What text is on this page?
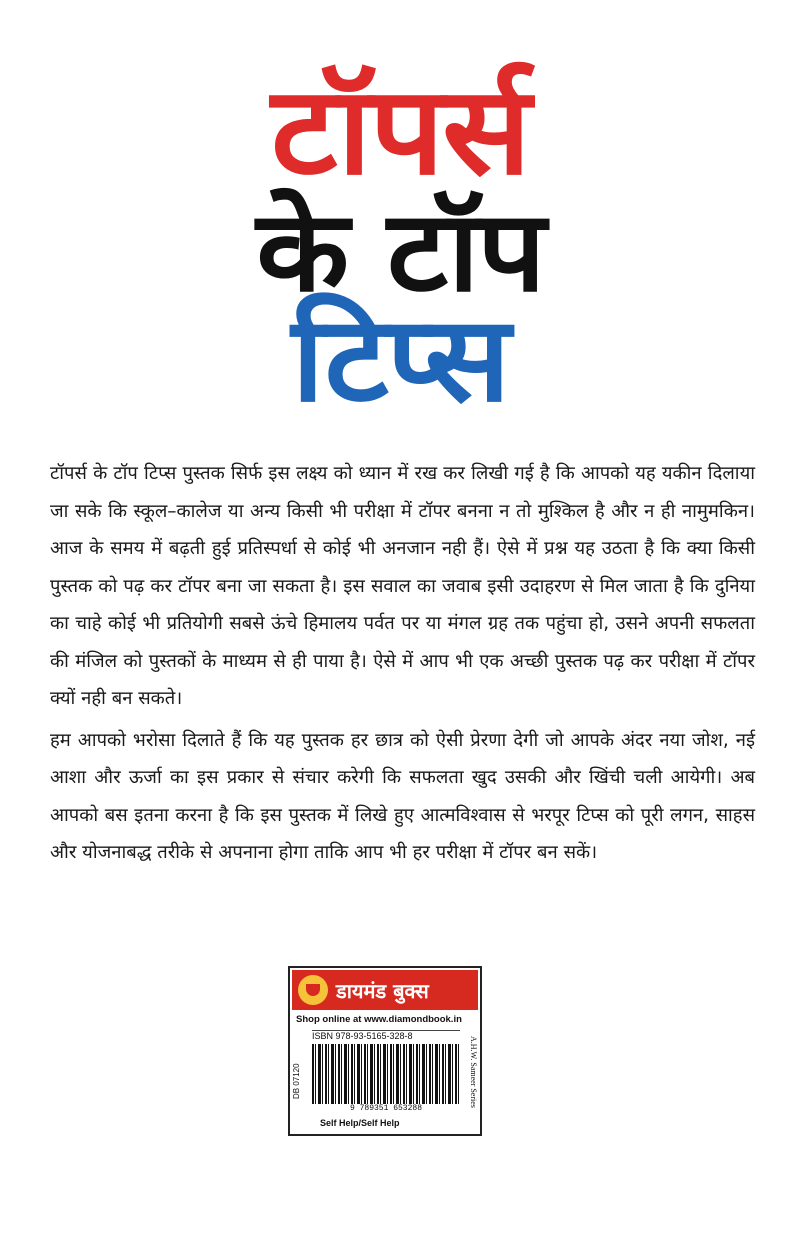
टॉपर्स
के टॉप
टिप्स

टॉपर्स के टॉप टिप्स पुस्तक सिर्फ इस लक्ष्य को ध्यान में रख कर लिखी गई है कि आपको यह यकीन दिलाया जा सके कि स्कूल–कालेज या अन्य किसी भी परीक्षा में टॉपर बनना न तो मुश्किल है और न ही नामुमकिन। आज के समय में बढ़ती हुई प्रतिस्पर्धा से कोई भी अनजान नही हैं। ऐसे में प्रश्न यह उठता है कि क्या किसी पुस्तक को पढ़ कर टॉपर बना जा सकता है। इस सवाल का जवाब इसी उदाहरण से मिल जाता है कि दुनिया का चाहे कोई भी प्रतियोगी सबसे ऊंचे हिमालय पर्वत पर या मंगल ग्रह तक पहुंचा हो, उसने अपनी सफलता की मंजिल को पुस्तकों के माध्यम से ही पाया है। ऐसे में आप भी एक अच्छी पुस्तक पढ़ कर परीक्षा में टॉपर क्यों नही बन सकते।

हम आपको भरोसा दिलाते हैं कि यह पुस्तक हर छात्र को ऐसी प्रेरणा देगी जो आपके अंदर नया जोश, नई आशा और ऊर्जा का इस प्रकार से संचार करेगी कि सफलता खुद उसकी और खिंची चली आयेगी। अब आपको बस इतना करना है कि इस पुस्तक में लिखे हुए आत्मविश्वास से भरपूर टिप्स को पूरी लगन, साहस और योजनाबद्ध तरीके से अपनाना होगा ताकि आप भी हर परीक्षा में टॉपर बन सकें।

डायमंड बुक्स
Shop online at www.diamondbook.in
ISBN 978-93-5165-328-8
9 789351 653288
DB 07120	A.H.W. Sameer Series
Self Help/Self Help
